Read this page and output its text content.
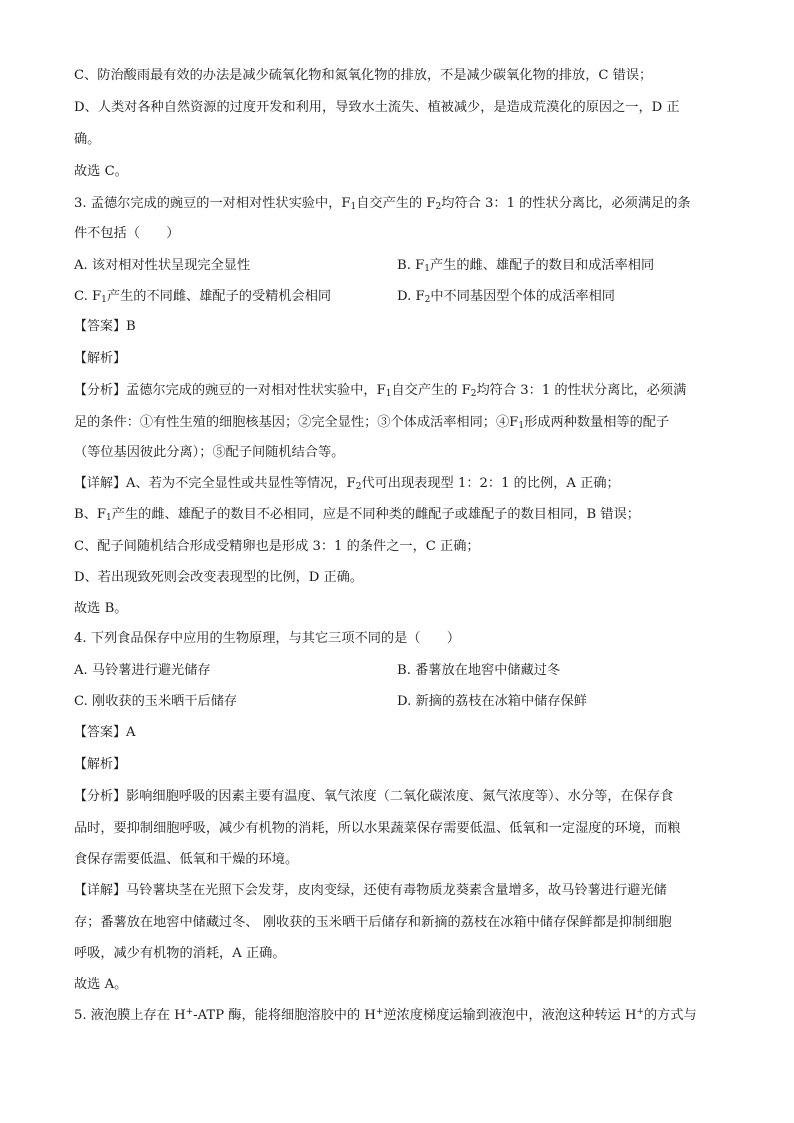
C、防治酸雨最有效的办法是减少硫氧化物和氮氧化物的排放，不是减少碳氧化物的排放，C 错误；
D、人类对各种自然资源的过度开发和利用，导致水土流失、植被减少，是造成荒漠化的原因之一，D 正
确。
故选 C。
3. 孟德尔完成的豌豆的一对相对性状实验中，$F_1$自交产生的 $F_2$均符合 3：1 的性状分离比，必须满足的条
件不包括（　　）
A. 该对相对性状呈现完全显性	B. $F_1$产生的雌、雄配子的数目和成活率相同
C. $F_1$产生的不同雌、雄配子的受精机会相同	D. $F_2$中不同基因型个体的成活率相同
【答案】B
【解析】
【分析】孟德尔完成的豌豆的一对相对性状实验中，$F_1$自交产生的 $F_2$均符合 3：1 的性状分离比，必须满
足的条件：①有性生殖的细胞核基因；②完全显性；③个体成活率相同；$④F_1$形成两种数量相等的配子
（等位基因彼此分离）；⑤配子间随机结合等。
【详解】A、若为不完全显性或共显性等情况，$F_2$代可出现表现型 1：2：1 的比例，A 正确；
B、$F_1$产生的雌、雄配子的数目不必相同，应是不同种类的雌配子或雄配子的数目相同，B 错误；
C、配子间随机结合形成受精卵也是形成 3：1 的条件之一，C 正确；
D、若出现致死则会改变表现型的比例，D 正确。
故选 B。
4. 下列食品保存中应用的生物原理，与其它三项不同的是（　　）
A. 马铃薯进行避光储存	B. 番薯放在地窖中储藏过冬
C. 刚收获的玉米晒干后储存	D. 新摘的荔枝在冰箱中储存保鲜
【答案】A
【解析】
【分析】影响细胞呼吸的因素主要有温度、氧气浓度（二氧化碳浓度、氮气浓度等）、水分等，在保存食
品时，要抑制细胞呼吸，减少有机物的消耗，所以水果蔬菜保存需要低温、低氧和一定湿度的环境，而粮
食保存需要低温、低氧和干燥的环境。
【详解】马铃薯块茎在光照下会发芽，皮肉变绿，还使有毒物质龙葵素含量增多，故马铃薯进行避光储
存；番薯放在地窖中储藏过冬、 刚收获的玉米晒干后储存和新摘的荔枝在冰箱中储存保鲜都是抑制细胞
呼吸，减少有机物的消耗，A 正确。
故选 A。
5. 液泡膜上存在 H+-ATP 酶，能将细胞溶胶中的 H+逆浓度梯度运输到液泡中，液泡这种转运 H+的方式与
